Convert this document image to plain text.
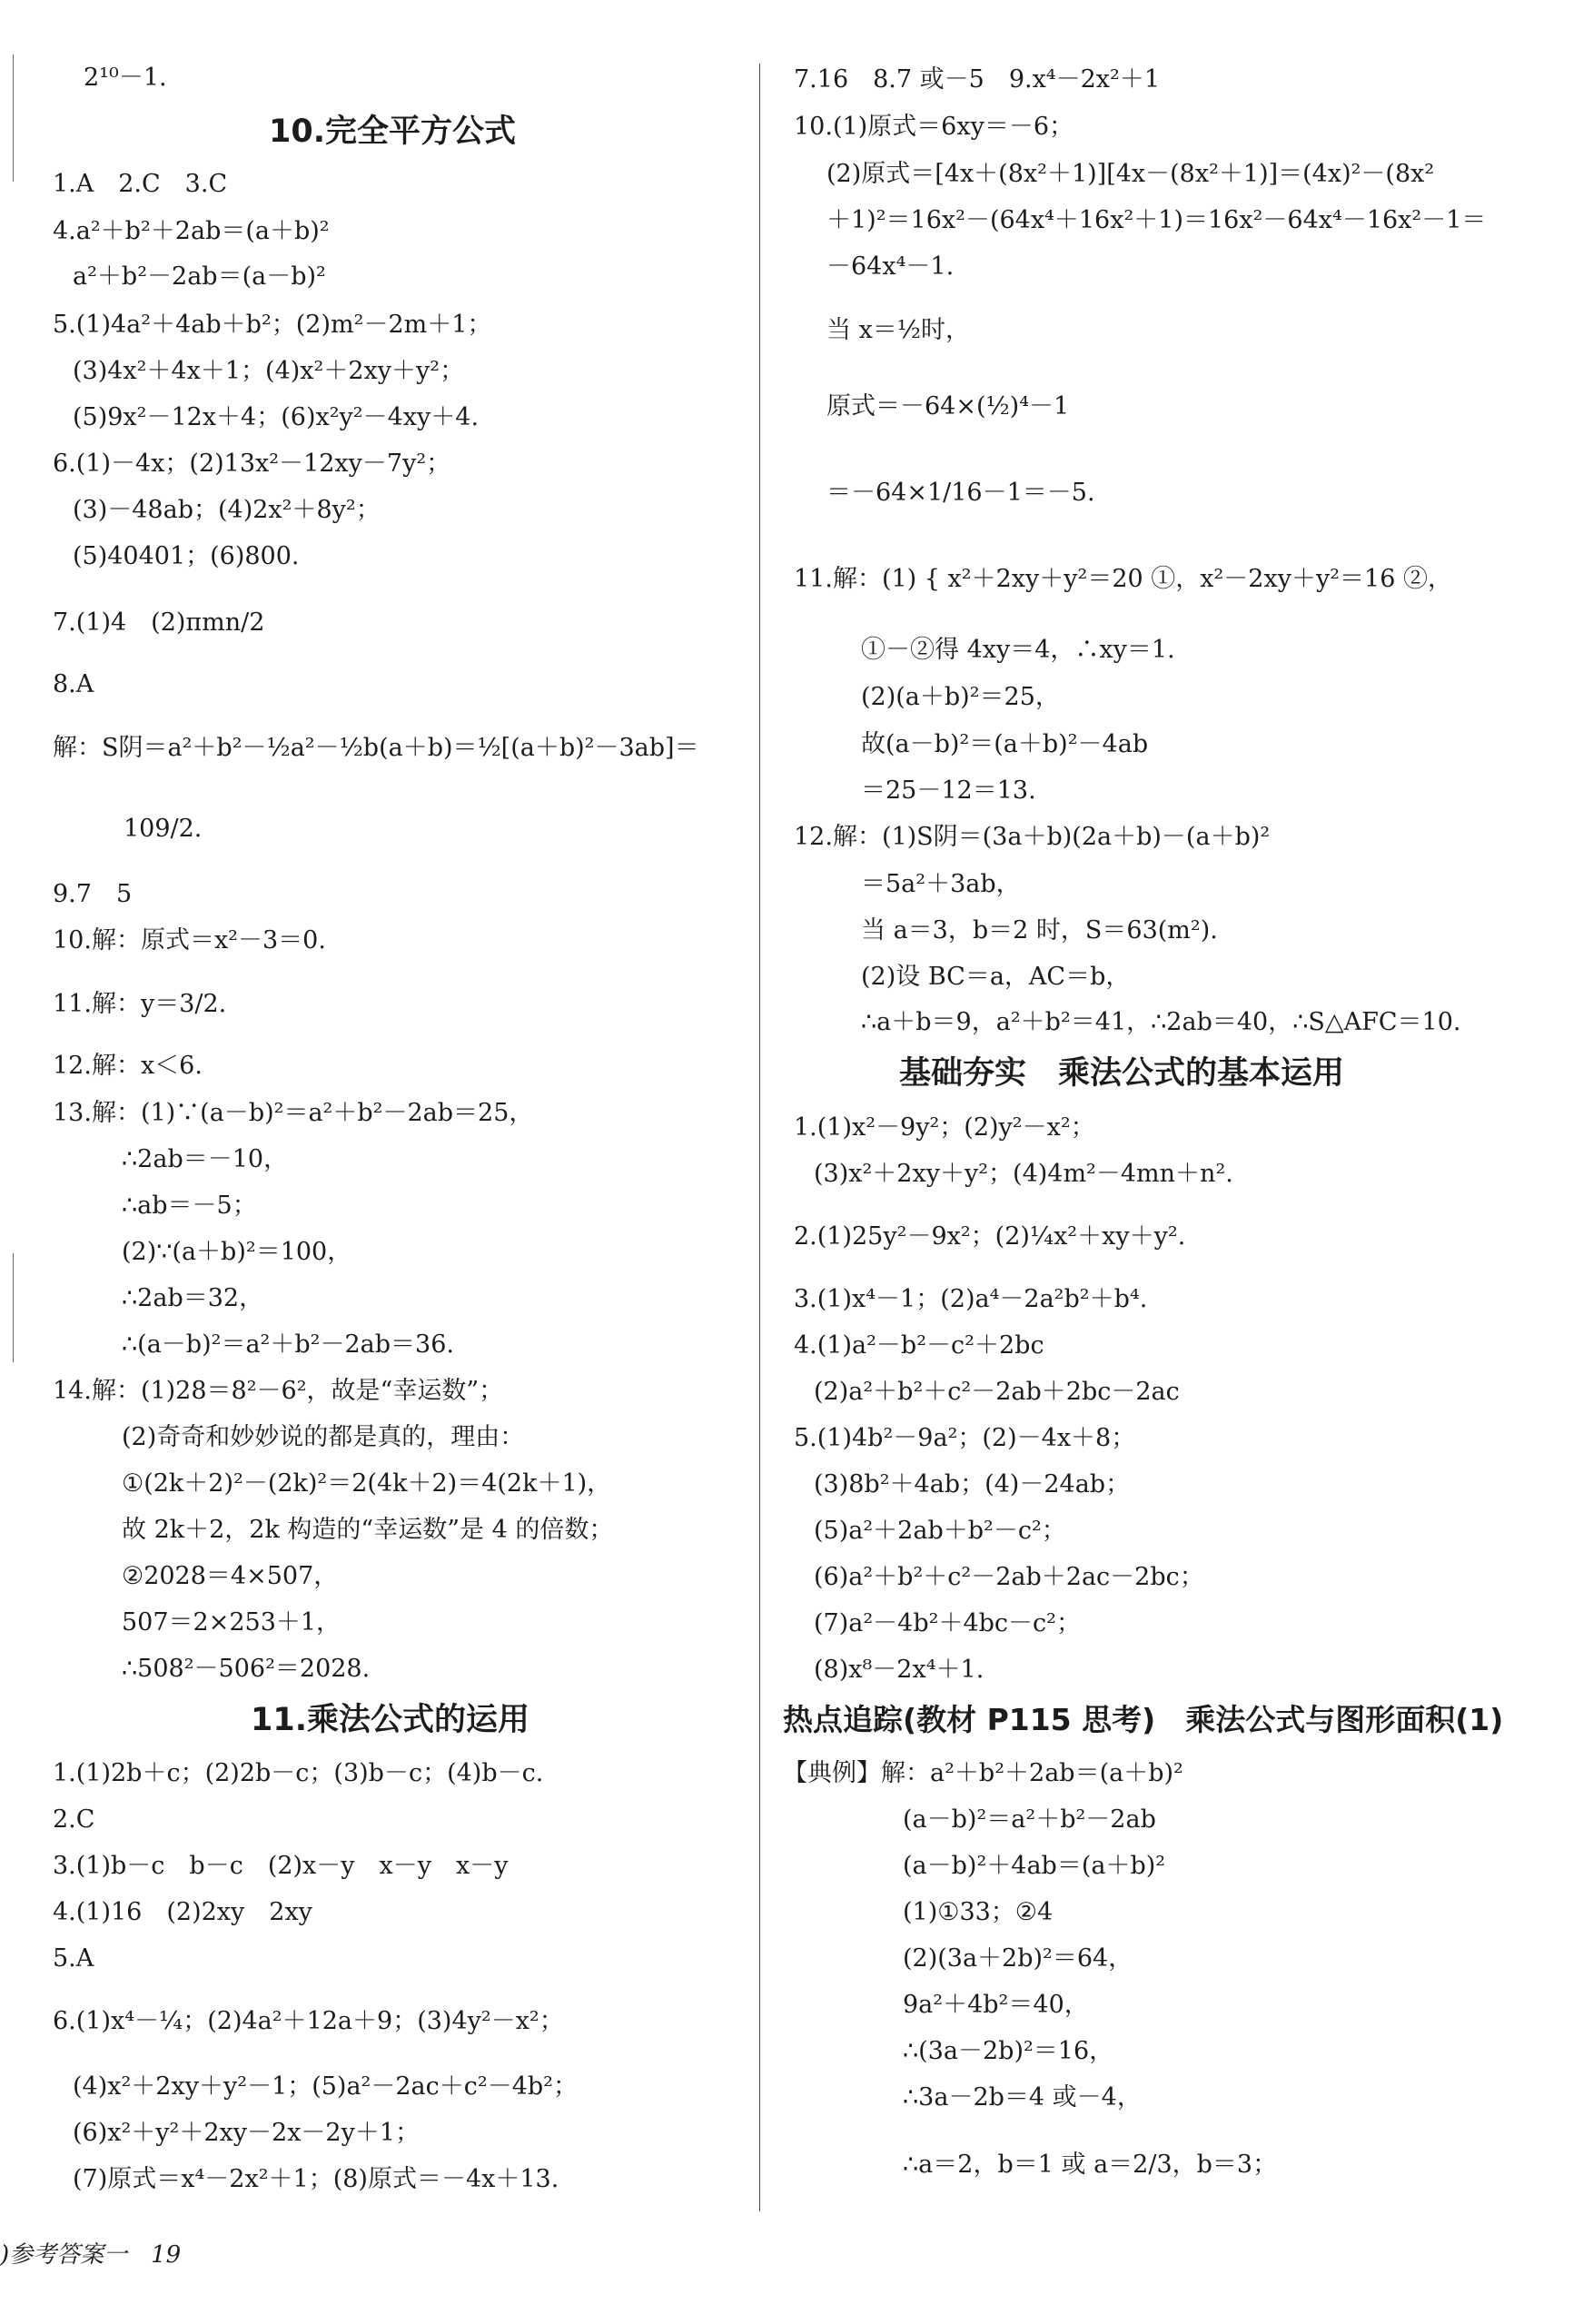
2¹⁰－1.
10.完全平方公式
1.A　2.C　3.C
4.a²＋b²＋2ab＝(a＋b)²
a²＋b²－2ab＝(a－b)²
5.(1)4a²＋4ab＋b²；(2)m²－2m＋1；
(3)4x²＋4x＋1；(4)x²＋2xy＋y²；
(5)9x²－12x＋4；(6)x²y²－4xy＋4.
6.(1)－4x；(2)13x²－12xy－7y²；
(3)－48ab；(4)2x²＋8y²；
(5)40401；(6)800.
7.(1)4　(2)πmn/2
8.A
解：S阴＝a²＋b²－½a²－½b(a＋b)＝½[(a＋b)²－3ab]＝
109/2.
9.7　5
10.解：原式＝x²－3＝0.
11.解：y＝3/2.
12.解：x＜6.
13.解：(1)∵(a－b)²＝a²＋b²－2ab＝25，
∴2ab＝－10，
∴ab＝－5；
(2)∵(a＋b)²＝100，
∴2ab＝32，
∴(a－b)²＝a²＋b²－2ab＝36.
14.解：(1)28＝8²－6²，故是“幸运数”；
(2)奇奇和妙妙说的都是真的，理由：
①(2k＋2)²－(2k)²＝2(4k＋2)＝4(2k＋1)，
故 2k＋2，2k 构造的“幸运数”是 4 的倍数；
②2028＝4×507，
507＝2×253＋1，
∴508²－506²＝2028.
11.乘法公式的运用
1.(1)2b＋c；(2)2b－c；(3)b－c；(4)b－c.
2.C
3.(1)b－c　b－c　(2)x－y　x－y　x－y
4.(1)16　(2)2xy　2xy
5.A
6.(1)x⁴－¼；(2)4a²＋12a＋9；(3)4y²－x²；
(4)x²＋2xy＋y²－1；(5)a²－2ac＋c²－4b²；
(6)x²＋y²＋2xy－2x－2y＋1；
(7)原式＝x⁴－2x²＋1；(8)原式＝－4x＋13.
7.16　8.7 或－5　9.x⁴－2x²＋1
10.(1)原式＝6xy＝－6；
(2)原式＝[4x＋(8x²＋1)][4x－(8x²＋1)]＝(4x)²－(8x²
＋1)²＝16x²－(64x⁴＋16x²＋1)＝16x²－64x⁴－16x²－1＝
－64x⁴－1.
当 x＝½时，
原式＝－64×(½)⁴－1
＝－64×1/16－1＝－5.
11.解：(1) { x²＋2xy＋y²＝20 ①，x²－2xy＋y²＝16 ②，
①－②得 4xy＝4，∴xy＝1.
(2)(a＋b)²＝25，
故(a－b)²＝(a＋b)²－4ab
＝25－12＝13.
12.解：(1)S阴＝(3a＋b)(2a＋b)－(a＋b)²
＝5a²＋3ab，
当 a＝3，b＝2 时，S＝63(m²).
(2)设 BC＝a，AC＝b，
∴a＋b＝9，a²＋b²＝41，∴2ab＝40，∴S△AFC＝10.
基础夯实　乘法公式的基本运用
1.(1)x²－9y²；(2)y²－x²；
(3)x²＋2xy＋y²；(4)4m²－4mn＋n².
2.(1)25y²－9x²；(2)¼x²＋xy＋y².
3.(1)x⁴－1；(2)a⁴－2a²b²＋b⁴.
4.(1)a²－b²－c²＋2bc
(2)a²＋b²＋c²－2ab＋2bc－2ac
5.(1)4b²－9a²；(2)－4x＋8；
(3)8b²＋4ab；(4)－24ab；
(5)a²＋2ab＋b²－c²；
(6)a²＋b²＋c²－2ab＋2ac－2bc；
(7)a²－4b²＋4bc－c²；
(8)x⁸－2x⁴＋1.
热点追踪(教材 P115 思考)　乘法公式与图形面积(1)
【典例】解：a²＋b²＋2ab＝(a＋b)²
(a－b)²＝a²＋b²－2ab
(a－b)²＋4ab＝(a＋b)²
(1)①33；②4
(2)(3a＋2b)²＝64，
9a²＋4b²＝40，
∴(3a－2b)²＝16，
∴3a－2b＝4 或－4，
∴a＝2，b＝1 或 a＝2/3，b＝3；
)参考答案一　19
